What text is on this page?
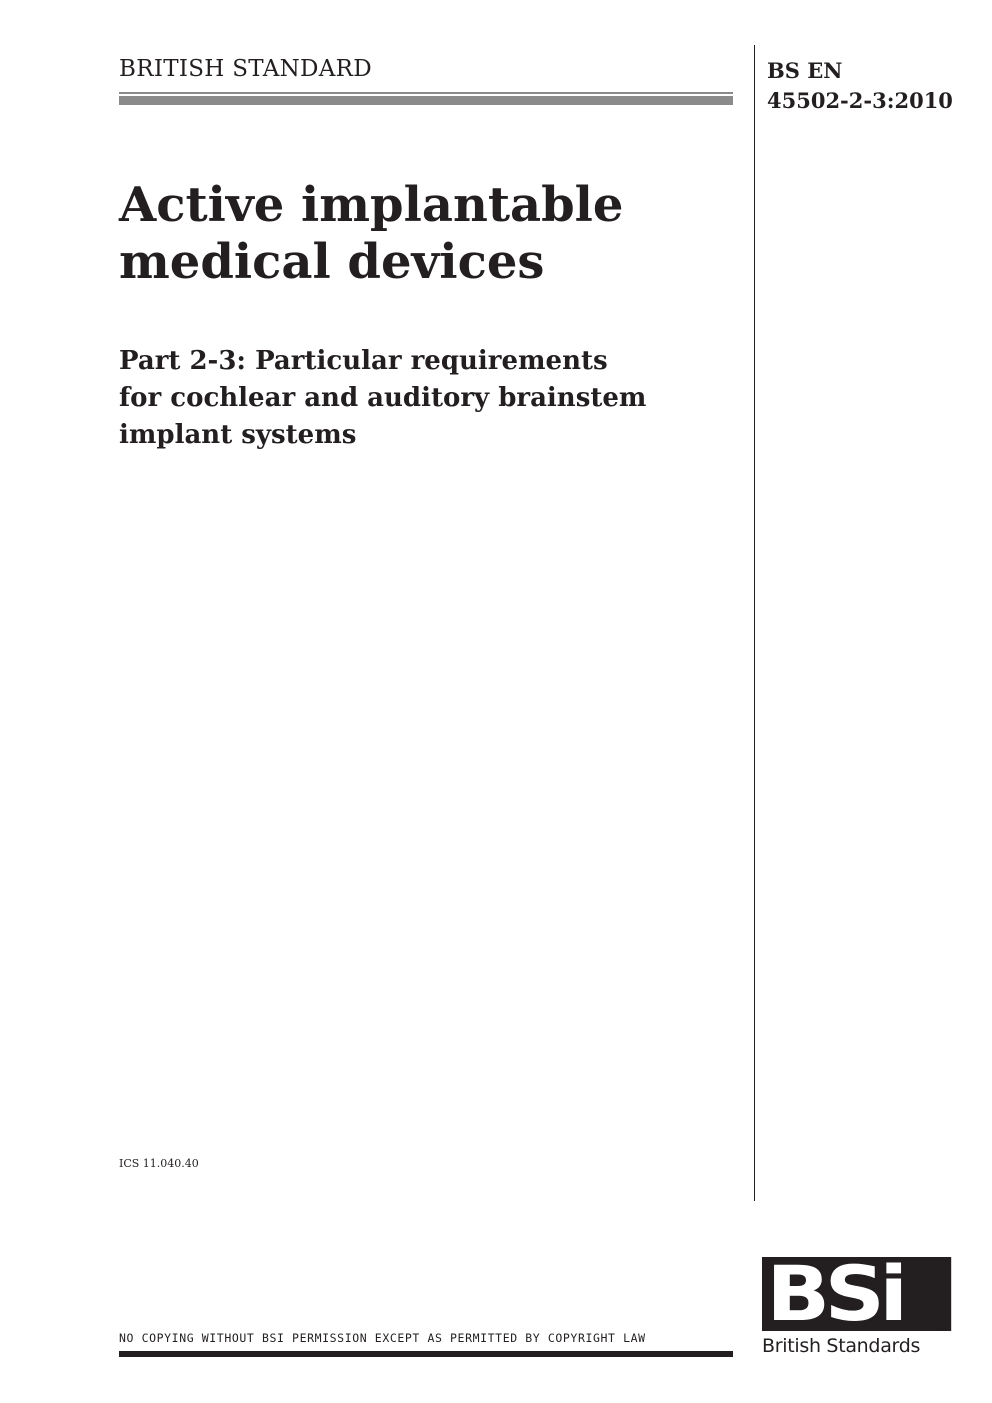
BRITISH STANDARD	BS EN
45502-2-3:2010
Active implantable
medical devices
Part 2-3: Particular requirements
for cochlear and auditory brainstem
implant systems
ICS 11.040.40
NO COPYING WITHOUT BSI PERMISSION EXCEPT AS PERMITTED BY COPYRIGHT LAW BSi	®
British Standards
